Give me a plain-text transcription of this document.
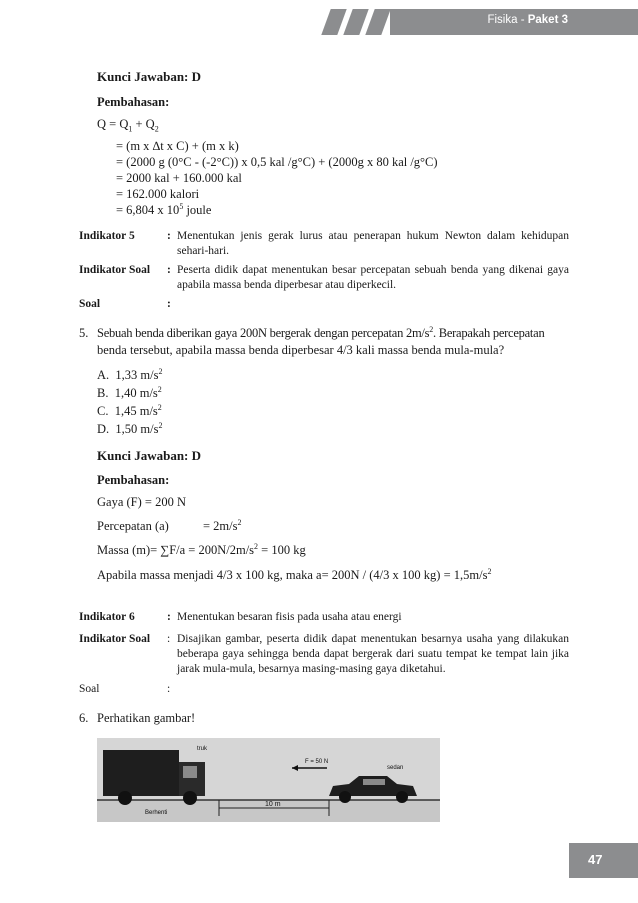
Fisika - Paket 3
Kunci Jawaban: D
Pembahasan:
$Q = Q_1 + Q_2$
= (m x ∆t x C) + (m x k)
= (2000 g (0°C - (-2°C)) x 0,5 kal /g°C) + (2000g x 80 kal /g°C)
= 2000 kal + 160.000 kal
= 162.000 kalori
= 6,804 x $10^5$ joule
Indikator 5	: Menentukan jenis gerak lurus atau penerapan hukum Newton dalam kehidupan sehari-hari.
Indikator Soal : Peserta didik dapat menentukan besar percepatan sebuah benda yang dikenai gaya apabila massa benda diperbesar atau diperkecil.
Soal	:
5. Sebuah benda diberikan gaya 200N bergerak dengan percepatan $2m/s^2$. Berapakah percepatan
benda tersebut, apabila massa benda diperbesar 4/3 kali massa benda mula-mula?
A. 1,33 $m/s^2$
B. 1,40 $m/s^2$
C. 1,45 $m/s^2$
D. 1,50 $m/s^2$
Kunci Jawaban: D
Pembahasan:
Gaya (F) = 200 N
Percepatan (a)	= $2m/s^2$
Massa $(m)= \sum F/a = 200N/2m/s^2 = 100$ kg
Apabila massa menjadi 4/3 x 100 kg, maka a= 200N / (4/3 x 100 $kg) = 1,5m/s^2$
Indikator 6	: Menentukan besaran fisis pada usaha atau energi
Indikator Soal : Disajikan gambar, peserta didik dapat menentukan besarnya usaha yang dilakukan beberapa gaya sehingga benda dapat bergerak dari suatu tempat ke tempat lain jika jarak mula-mula, besarnya masing-masing gaya diketahui.
Soal	:
6. Perhatikan gambar!
truk
sedan
F = 50 N
10 m
Berhenti
47
